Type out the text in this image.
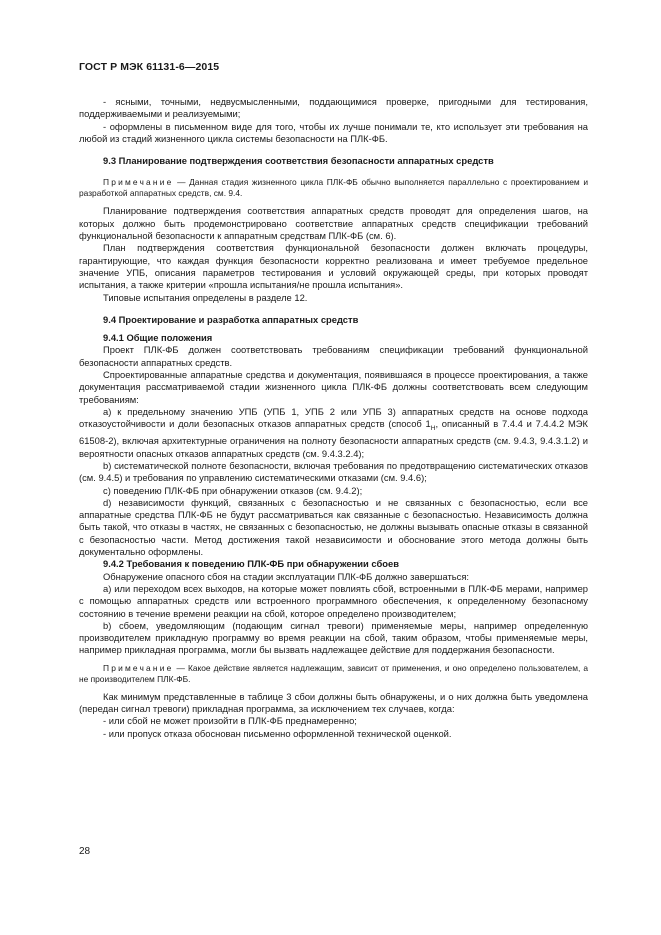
ГОСТ Р МЭК 61131-6—2015

- ясными, точными, недвусмысленными, поддающимися проверке, пригодными для тестирования, поддерживаемыми и реализуемыми;

- оформлены в письменном виде для того, чтобы их лучше понимали те, кто использует эти требования на любой из стадий жизненного цикла системы безопасности на ПЛК-ФБ.

9.3 Планирование подтверждения соответствия безопасности аппаратных средств

Примечание — Данная стадия жизненного цикла ПЛК-ФБ обычно выполняется параллельно с проектированием и разработкой аппаратных средств, см. 9.4.

Планирование подтверждения соответствия аппаратных средств проводят для определения шагов, на которых должно быть продемонстрировано соответствие аппаратных средств спецификации требований функциональной безопасности к аппаратным средствам ПЛК-ФБ (см. 6).

План подтверждения соответствия функциональной безопасности должен включать процедуры, гарантирующие, что каждая функция безопасности корректно реализована и имеет требуемое предельное значение УПБ, описания параметров тестирования и условий окружающей среды, при которых проводят испытания, а также критерии «прошла испытания/не прошла испытания».

Типовые испытания определены в разделе 12.

9.4 Проектирование и разработка аппаратных средств
9.4.1 Общие положения

Проект ПЛК-ФБ должен соответствовать требованиям спецификации требований функциональной безопасности аппаратных средств.

Спроектированные аппаратные средства и документация, появившаяся в процессе проектирования, а также документация рассматриваемой стадии жизненного цикла ПЛК-ФБ должны соответствовать всем следующим требованиям:

a) к предельному значению УПБ (УПБ 1, УПБ 2 или УПБ 3) аппаратных средств на основе подхода отказоустойчивости и доли безопасных отказов аппаратных средств (способ $1_H$, описанный в 7.4.4 и 7.4.4.2 МЭК 61508-2), включая архитектурные ограничения на полноту безопасности аппаратных средств (см. 9.4.3, 9.4.3.1.2) и вероятности опасных отказов аппаратных средств (см. 9.4.3.2.4);

b) систематической полноте безопасности, включая требования по предотвращению систематических отказов (см. 9.4.5) и требования по управлению систематическими отказами (см. 9.4.6);

c) поведению ПЛК-ФБ при обнаружении отказов (см. 9.4.2);

d) независимости функций, связанных с безопасностью и не связанных с безопасностью, если все аппаратные средства ПЛК-ФБ не будут рассматриваться как связанные с безопасностью. Независимость должна быть такой, что отказы в частях, не связанных с безопасностью, не должны вызывать опасные отказы в связанной с безопасностью части. Метод достижения такой независимости и обоснование этого метода должны быть документально оформлены.

9.4.2 Требования к поведению ПЛК-ФБ при обнаружении сбоев

Обнаружение опасного сбоя на стадии эксплуатации ПЛК-ФБ должно завершаться:

a) или переходом всех выходов, на которые может повлиять сбой, встроенными в ПЛК-ФБ мерами, например с помощью аппаратных средств или встроенного программного обеспечения, к определенному безопасному состоянию в течение времени реакции на сбой, которое определено производителем;

b) сбоем, уведомляющим (подающим сигнал тревоги) применяемые меры, например определенную производителем прикладную программу во время реакции на сбой, таким образом, чтобы применяемые меры, например прикладная программа, могли бы вызвать надлежащее действие для поддержания безопасности.

Примечание — Какое действие является надлежащим, зависит от применения, и оно определено пользователем, а не производителем ПЛК-ФБ.

Как минимум представленные в таблице 3 сбои должны быть обнаружены, и о них должна быть уведомлена (передан сигнал тревоги) прикладная программа, за исключением тех случаев, когда:

- или сбой не может произойти в ПЛК-ФБ преднамеренно;

- или пропуск отказа обоснован письменно оформленной технической оценкой.

28
